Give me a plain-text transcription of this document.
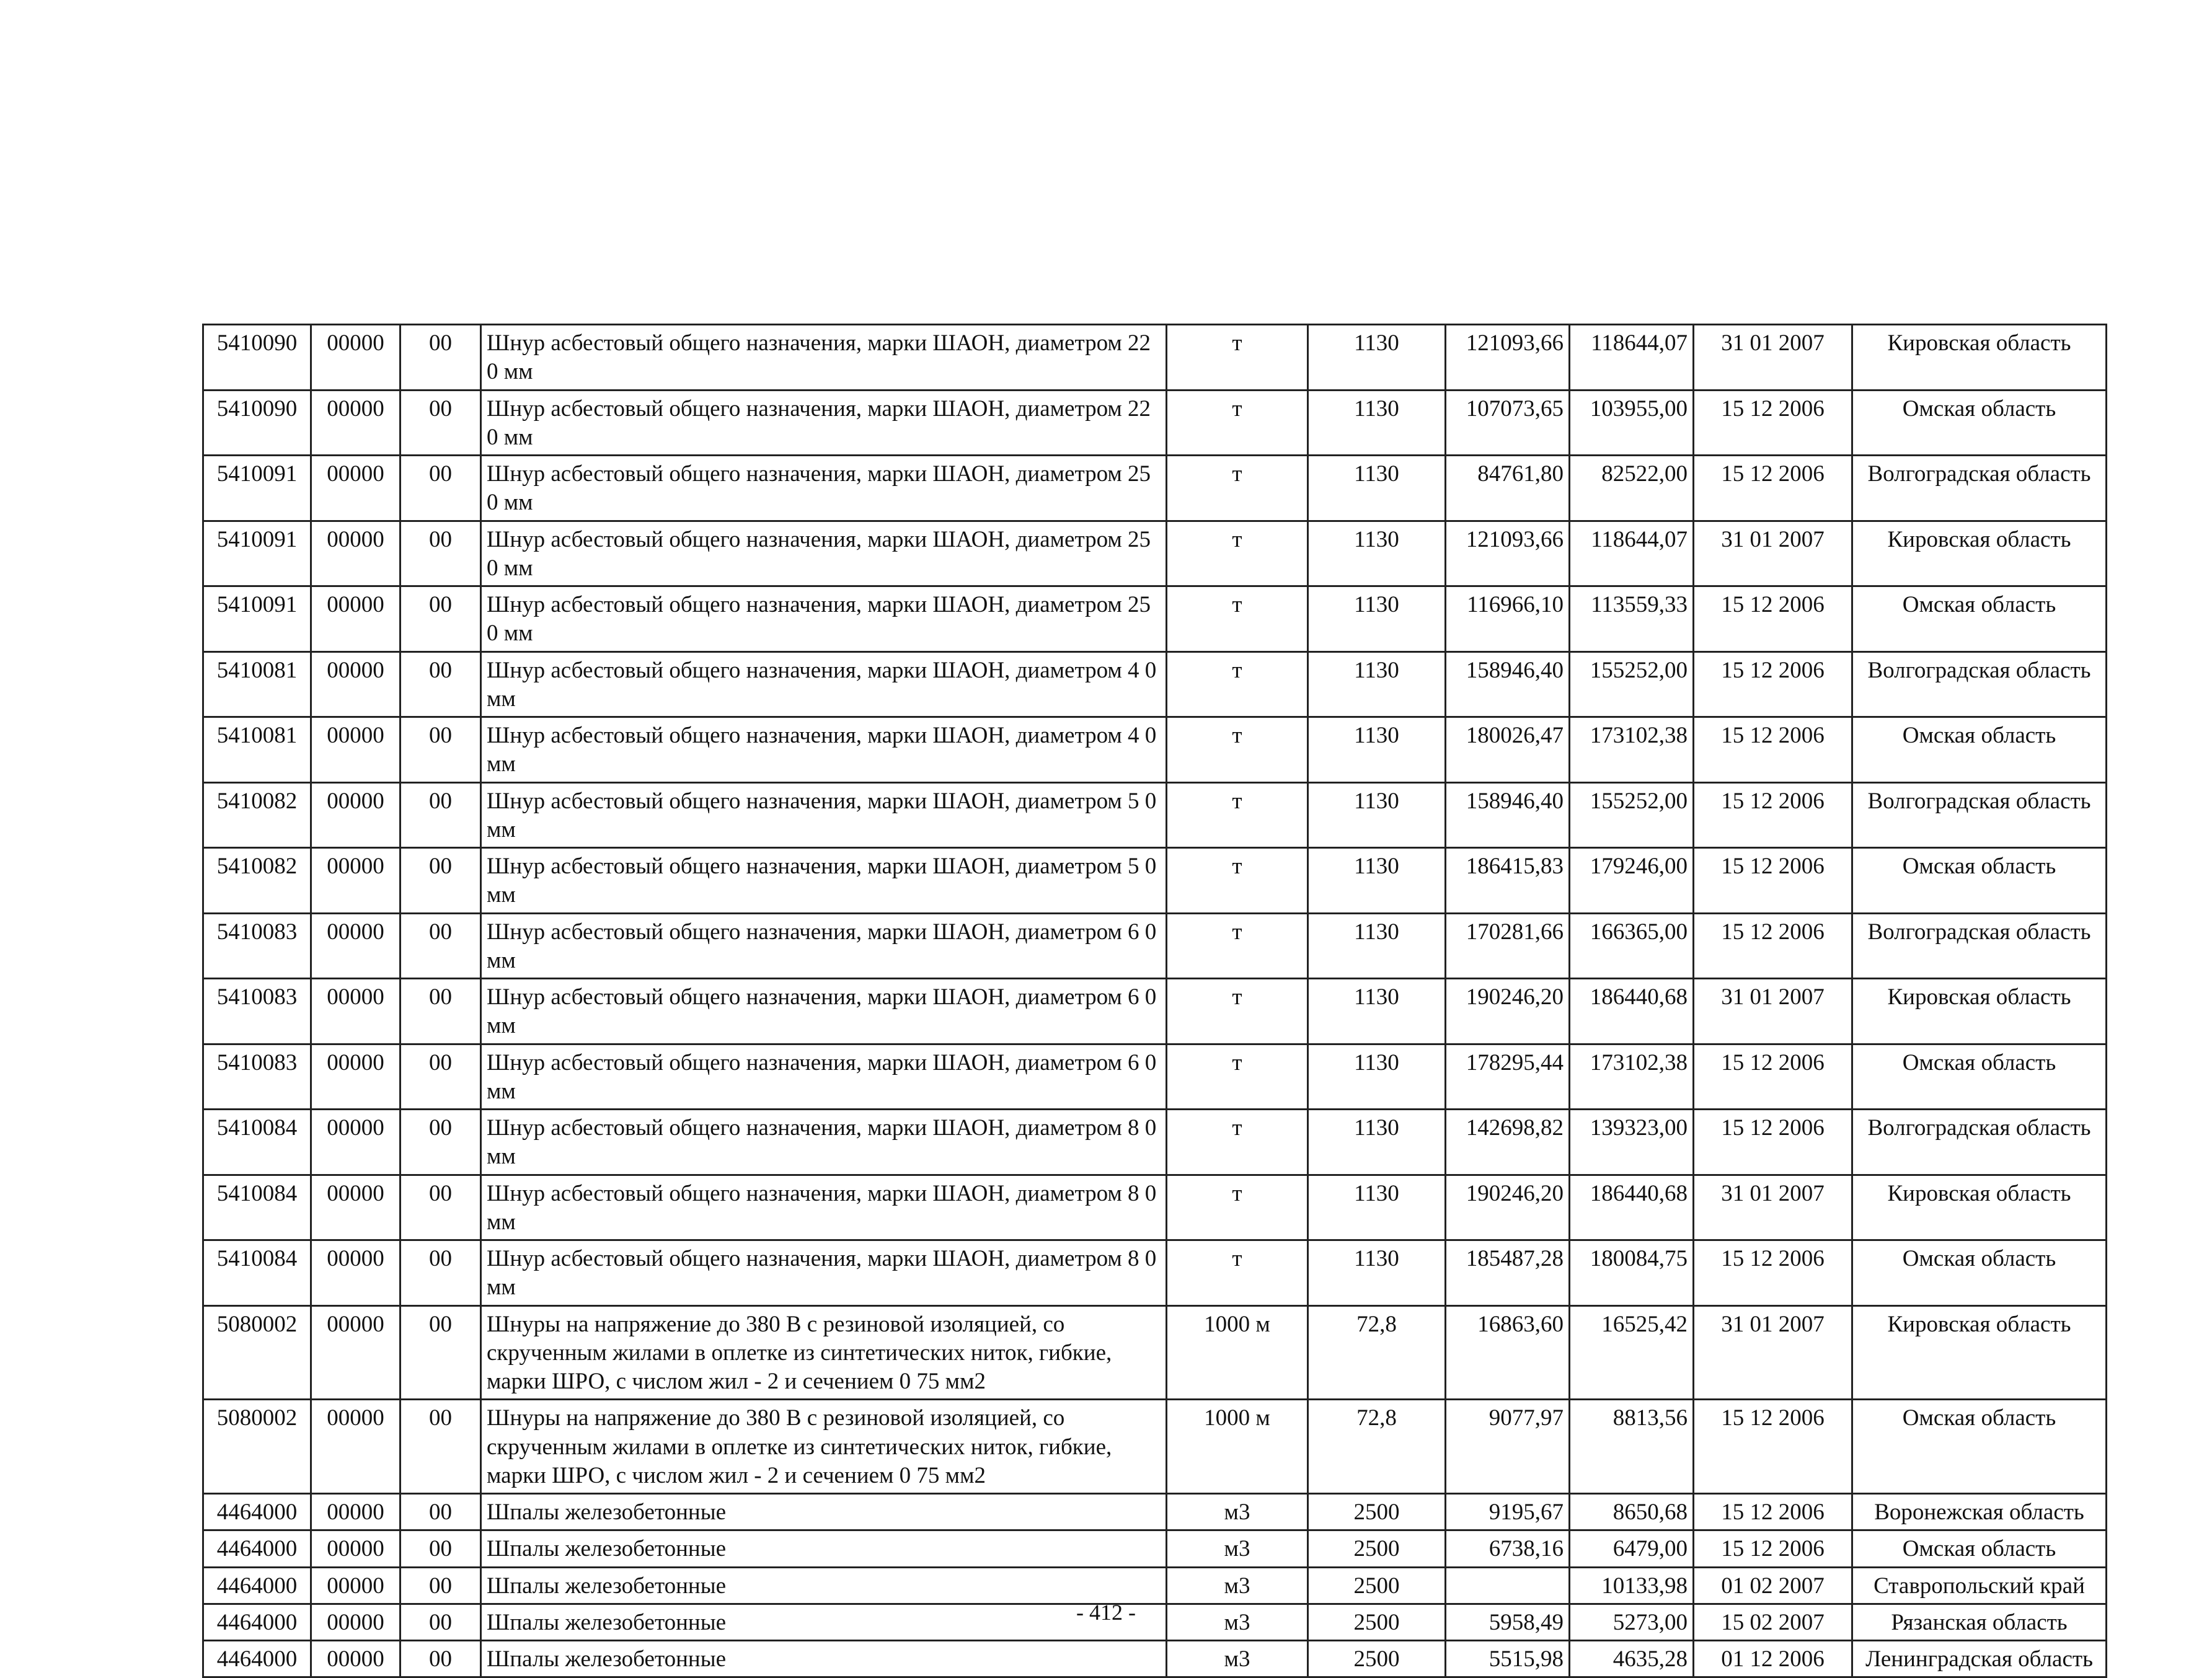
5410090	00000	00	Шнур асбестовый общего назначения, марки ШАОН, диаметром 22 0 мм	т	1130	121093,66	118644,07	31 01 2007	Кировская область
5410090	00000	00	Шнур асбестовый общего назначения, марки ШАОН, диаметром 22 0 мм	т	1130	107073,65	103955,00	15 12 2006	Омская область
5410091	00000	00	Шнур асбестовый общего назначения, марки ШАОН, диаметром 25 0 мм	т	1130	84761,80	82522,00	15 12 2006	Волгоградская область
5410091	00000	00	Шнур асбестовый общего назначения, марки ШАОН, диаметром 25 0 мм	т	1130	121093,66	118644,07	31 01 2007	Кировская область
5410091	00000	00	Шнур асбестовый общего назначения, марки ШАОН, диаметром 25 0 мм	т	1130	116966,10	113559,33	15 12 2006	Омская область
5410081	00000	00	Шнур асбестовый общего назначения, марки ШАОН, диаметром 4 0 мм	т	1130	158946,40	155252,00	15 12 2006	Волгоградская область
5410081	00000	00	Шнур асбестовый общего назначения, марки ШАОН, диаметром 4 0 мм	т	1130	180026,47	173102,38	15 12 2006	Омская область
5410082	00000	00	Шнур асбестовый общего назначения, марки ШАОН, диаметром 5 0 мм	т	1130	158946,40	155252,00	15 12 2006	Волгоградская область
5410082	00000	00	Шнур асбестовый общего назначения, марки ШАОН, диаметром 5 0 мм	т	1130	186415,83	179246,00	15 12 2006	Омская область
5410083	00000	00	Шнур асбестовый общего назначения, марки ШАОН, диаметром 6 0 мм	т	1130	170281,66	166365,00	15 12 2006	Волгоградская область
5410083	00000	00	Шнур асбестовый общего назначения, марки ШАОН, диаметром 6 0 мм	т	1130	190246,20	186440,68	31 01 2007	Кировская область
5410083	00000	00	Шнур асбестовый общего назначения, марки ШАОН, диаметром 6 0 мм	т	1130	178295,44	173102,38	15 12 2006	Омская область
5410084	00000	00	Шнур асбестовый общего назначения, марки ШАОН, диаметром 8 0 мм	т	1130	142698,82	139323,00	15 12 2006	Волгоградская область
5410084	00000	00	Шнур асбестовый общего назначения, марки ШАОН, диаметром 8 0 мм	т	1130	190246,20	186440,68	31 01 2007	Кировская область
5410084	00000	00	Шнур асбестовый общего назначения, марки ШАОН, диаметром 8 0 мм	т	1130	185487,28	180084,75	15 12 2006	Омская область
5080002	00000	00	Шнуры на напряжение до 380 В с резиновой изоляцией, со скрученным жилами в оплетке из синтетических ниток, гибкие, марки ШРО, с числом жил - 2 и сечением 0 75 мм2	1000 м	72,8	16863,60	16525,42	31 01 2007	Кировская область
5080002	00000	00	Шнуры на напряжение до 380 В с резиновой изоляцией, со скрученным жилами в оплетке из синтетических ниток, гибкие, марки ШРО, с числом жил - 2 и сечением 0 75 мм2	1000 м	72,8	9077,97	8813,56	15 12 2006	Омская область
4464000	00000	00	Шпалы железобетонные	м3	2500	9195,67	8650,68	15 12 2006	Воронежская область
4464000	00000	00	Шпалы железобетонные	м3	2500	6738,16	6479,00	15 12 2006	Омская область
4464000	00000	00	Шпалы железобетонные	м3	2500		10133,98	01 02 2007	Ставропольский край
4464000	00000	00	Шпалы железобетонные	м3	2500	5958,49	5273,00	15 02 2007	Рязанская область
4464000	00000	00	Шпалы железобетонные	м3	2500	5515,98	4635,28	01 12 2006	Ленинградская область
- 412 -
